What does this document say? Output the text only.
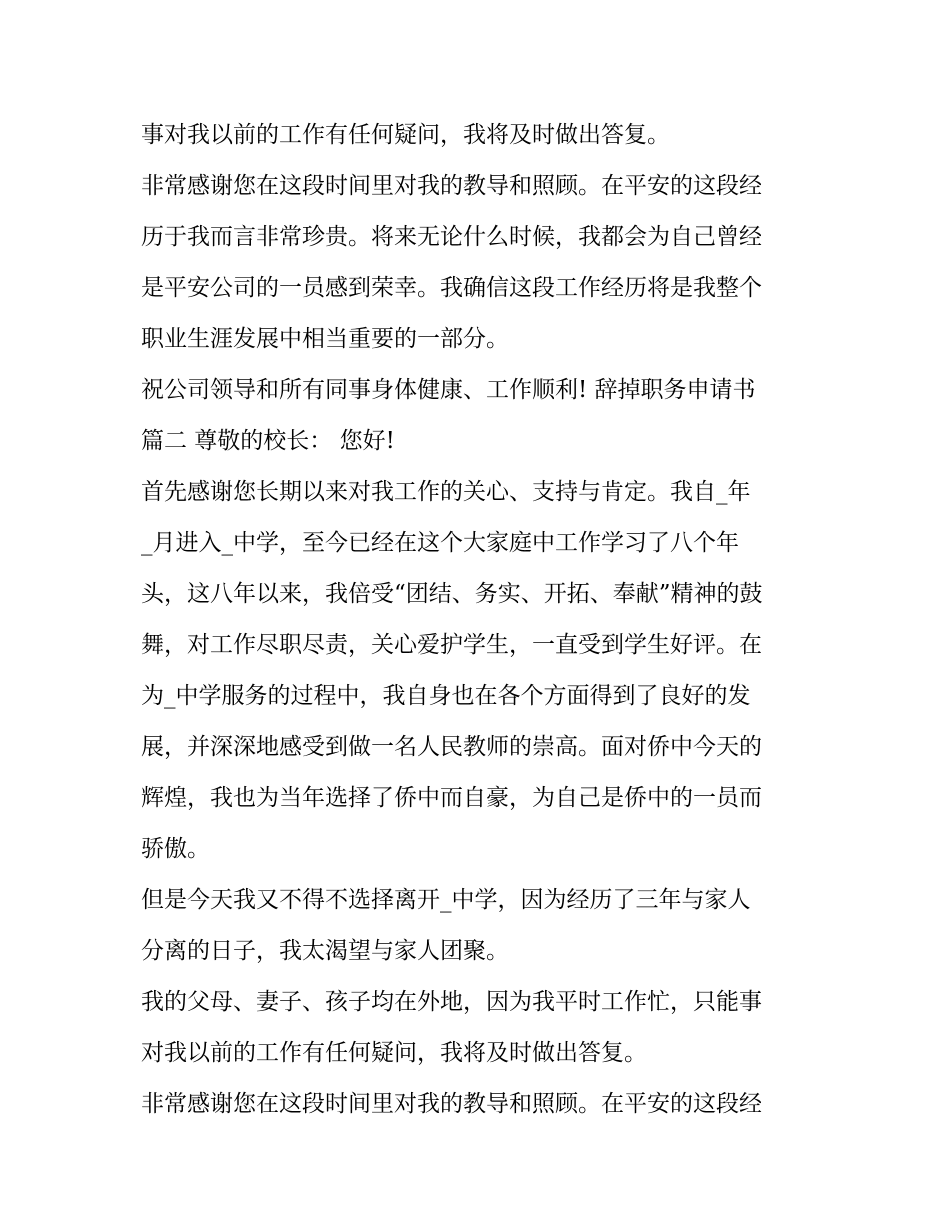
事对我以前的工作有任何疑问，我将及时做出答复。
非常感谢您在这段时间里对我的教导和照顾。在平安的这段经
历于我而言非常珍贵。将来无论什么时候，我都会为自己曾经
是平安公司的一员感到荣幸。我确信这段工作经历将是我整个
职业生涯发展中相当重要的一部分。
祝公司领导和所有同事身体健康、工作顺利! 辞掉职务申请书
篇二 尊敬的校长： 您好!
首先感谢您长期以来对我工作的关心、支持与肯定。我自_年
_月进入_中学，至今已经在这个大家庭中工作学习了八个年
头，这八年以来，我倍受“团结、务实、开拓、奉献”精神的鼓
舞，对工作尽职尽责，关心爱护学生，一直受到学生好评。在
为_中学服务的过程中，我自身也在各个方面得到了良好的发
展，并深深地感受到做一名人民教师的崇高。面对侨中今天的
辉煌，我也为当年选择了侨中而自豪，为自己是侨中的一员而
骄傲。
但是今天我又不得不选择离开_中学，因为经历了三年与家人
分离的日子，我太渴望与家人团聚。
我的父母、妻子、孩子均在外地，因为我平时工作忙，只能事
对我以前的工作有任何疑问，我将及时做出答复。
非常感谢您在这段时间里对我的教导和照顾。在平安的这段经
